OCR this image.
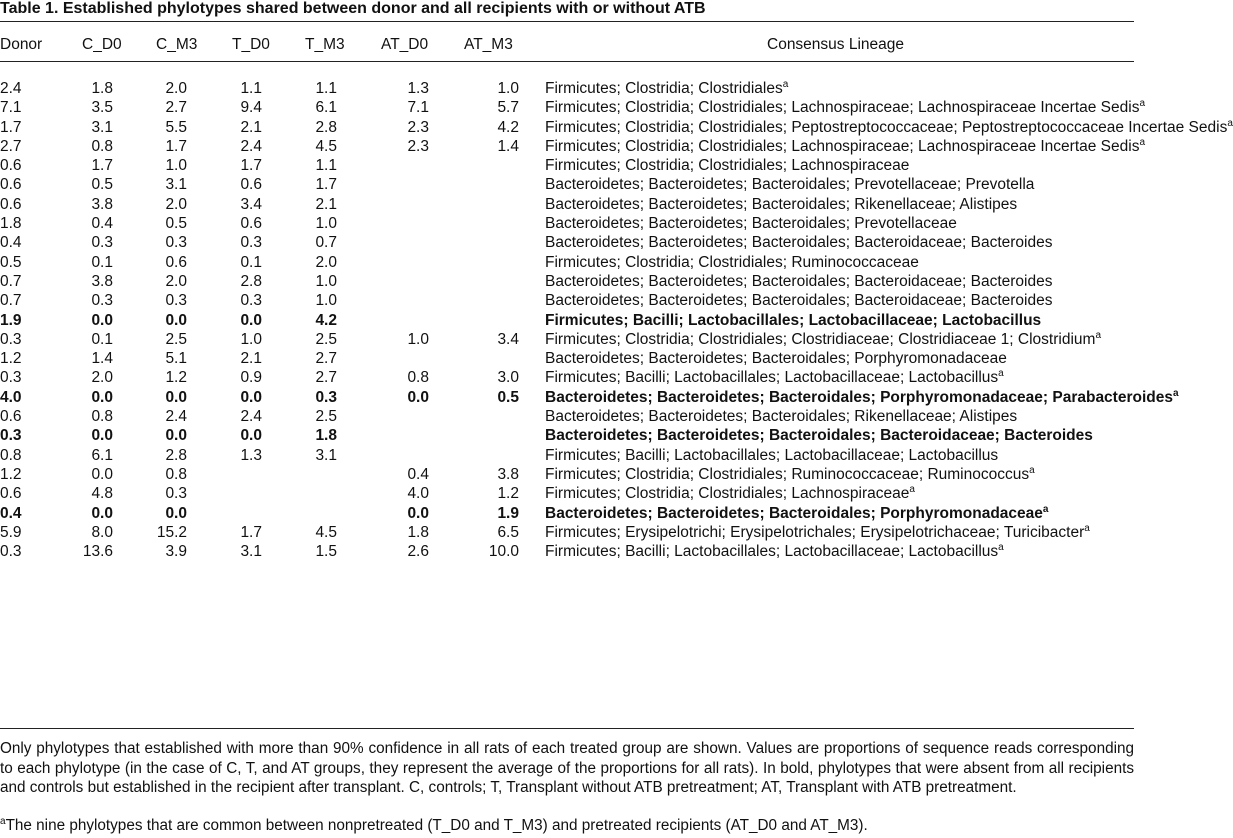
Table 1. Established phylotypes shared between donor and all recipients with or without ATB
Donor	C_D0 C_M3 T_D0 T_M3 AT_D0 AT_M3	Consensus Lineage
2.4	1.8	2.0	1.1	1.1	1.3	1.0		Firmicutes; Clostridia; Clostridiales$^a$

7.1	3.5	2.7	9.4	6.1	7.1	5.7		Firmicutes; Clostridia; Clostridiales; Lachnospiraceae; Lachnospiraceae Incertae Sedis$^a$

1.7	3.1	5.5	2.1	2.8	2.3	4.2		Firmicutes; Clostridia; Clostridiales; Peptostreptococcaceae; Peptostreptococcaceae Incertae Sedis$^a$

2.7	0.8	1.7	2.4	4.5	2.3	1.4		Firmicutes; Clostridia; Clostridiales; Lachnospiraceae; Lachnospiraceae Incertae Sedis$^a$

0.6	1.7	1.0	1.7	1.1				Firmicutes; Clostridia; Clostridiales; Lachnospiraceae

0.6	0.5	3.1	0.6	1.7				Bacteroidetes; Bacteroidetes; Bacteroidales; Prevotellaceae; Prevotella

0.6	3.8	2.0	3.4	2.1				Bacteroidetes; Bacteroidetes; Bacteroidales; Rikenellaceae; Alistipes

1.8	0.4	0.5	0.6	1.0				Bacteroidetes; Bacteroidetes; Bacteroidales; Prevotellaceae

0.4	0.3	0.3	0.3	0.7				Bacteroidetes; Bacteroidetes; Bacteroidales; Bacteroidaceae; Bacteroides

0.5	0.1	0.6	0.1	2.0				Firmicutes; Clostridia; Clostridiales; Ruminococcaceae

0.7	3.8	2.0	2.8	1.0				Bacteroidetes; Bacteroidetes; Bacteroidales; Bacteroidaceae; Bacteroides

0.7	0.3	0.3	0.3	1.0				Bacteroidetes; Bacteroidetes; Bacteroidales; Bacteroidaceae; Bacteroides

1.9	0.0	0.0	0.0	4.2				Firmicutes; Bacilli; Lactobacillales; Lactobacillaceae; Lactobacillus

0.3	0.1	2.5	1.0	2.5	1.0	3.4		Firmicutes; Clostridia; Clostridiales; Clostridiaceae; Clostridiaceae 1; Clostridium$^a$

1.2	1.4	5.1	2.1	2.7				Bacteroidetes; Bacteroidetes; Bacteroidales; Porphyromonadaceae

0.3	2.0	1.2	0.9	2.7	0.8	3.0		Firmicutes; Bacilli; Lactobacillales; Lactobacillaceae; Lactobacillus$^a$

4.0	0.0	0.0	0.0	0.3	0.0	0.5		Bacteroidetes; Bacteroidetes; Bacteroidales; Porphyromonadaceae; Parabacteroides$^a$

0.6	0.8	2.4	2.4	2.5				Bacteroidetes; Bacteroidetes; Bacteroidales; Rikenellaceae; Alistipes

0.3	0.0	0.0	0.0	1.8				Bacteroidetes; Bacteroidetes; Bacteroidales; Bacteroidaceae; Bacteroides

0.8	6.1	2.8	1.3	3.1				Firmicutes; Bacilli; Lactobacillales; Lactobacillaceae; Lactobacillus

1.2	0.0	0.8			0.4	3.8		Firmicutes; Clostridia; Clostridiales; Ruminococcaceae; Ruminococcus$^a$

0.6	4.8	0.3			4.0	1.2		Firmicutes; Clostridia; Clostridiales; Lachnospiraceae$^a$

0.4	0.0	0.0			0.0	1.9		Bacteroidetes; Bacteroidetes; Bacteroidales; Porphyromonadaceae$^a$

5.9	8.0	15.2	1.7	4.5	1.8	6.5		Firmicutes; Erysipelotrichi; Erysipelotrichales; Erysipelotrichaceae; Turicibacter$^a$

0.3	13.6	3.9	3.1	1.5	2.6	10.0		Firmicutes; Bacilli; Lactobacillales; Lactobacillaceae; Lactobacillus$^a$
Only phylotypes that established with more than 90% confidence in all rats of each treated group are shown. Values are proportions of sequence reads corresponding to each phylotype (in the case of C, T, and AT groups, they represent the average of the proportions for all rats). In bold, phylotypes that were absent from all recipients and controls but established in the recipient after transplant. C, controls; T, Transplant without ATB pretreatment; AT, Transplant with ATB pretreatment.
$^a$The nine phylotypes that are common between nonpretreated (T_D0 and T_M3) and pretreated recipients (AT_D0 and AT_M3).
